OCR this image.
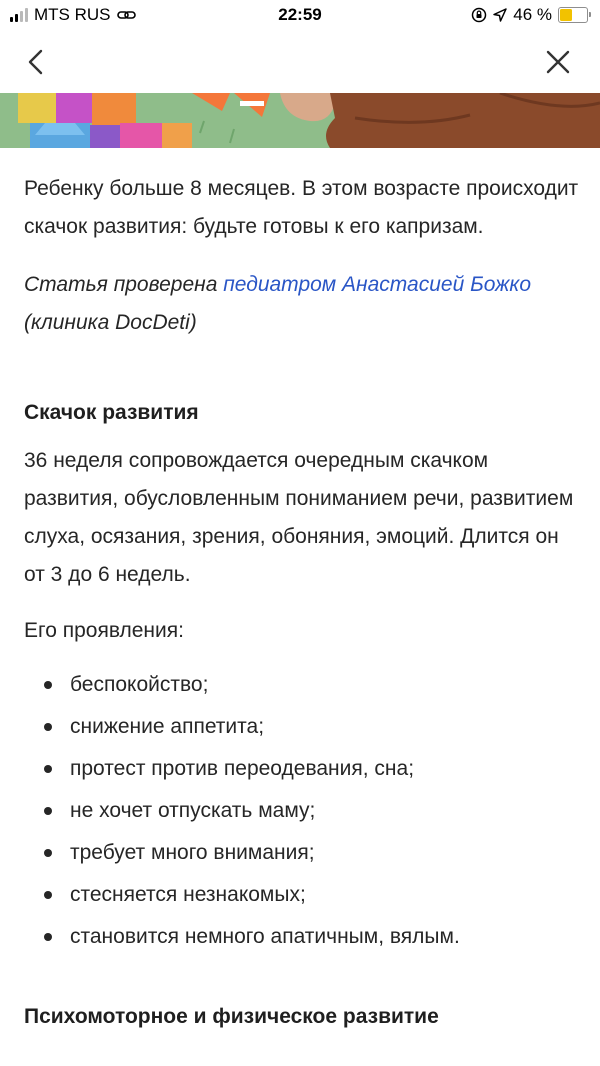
MTS RUS	22:59	46 %

Ребенку больше 8 месяцев. В этом возрасте происходит скачок развития: будьте готовы к его капризам.

Статья проверена педиатром Анастасией Божко
(клиника DocDeti)

Скачок развития

36 неделя сопровождается очередным скачком развития, обусловленным пониманием речи, развитием слуха, осязания, зрения, обоняния, эмоций. Длится он от 3 до 6 недель.

Его проявления:

беспокойство;
снижение аппетита;
протест против переодевания, сна;
не хочет отпускать маму;
требует много внимания;
стесняется незнакомых;
становится немного апатичным, вялым.
Психомоторное и физическое развитие
